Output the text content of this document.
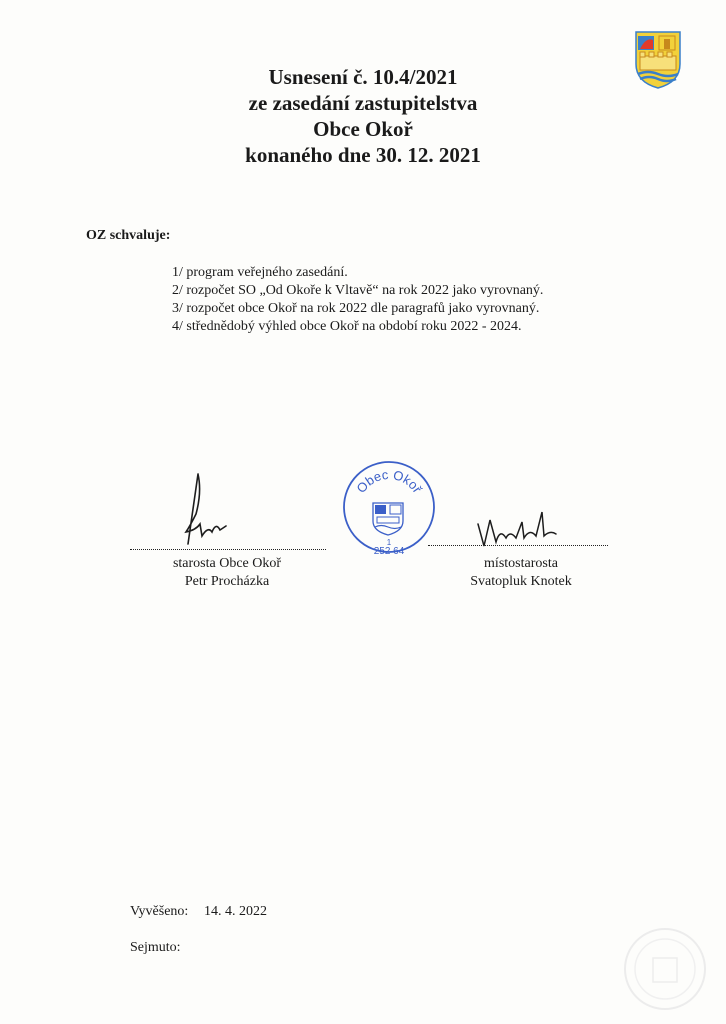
Usnesení č. 10.4/2021
ze zasedání zastupitelstva
Obce Okoř
konaného dne 30. 12. 2021
OZ schvaluje:
1/ program veřejného zasedání.
2/ rozpočet SO „Od Okoře k Vltavě“ na rok 2022 jako vyrovnaný.
3/ rozpočet obce Okoř na rok 2022 dle paragrafů jako vyrovnaný.
4/ střednědobý výhled obce Okoř na období roku 2022 - 2024.
starosta Obce Okoř
Petr Procházka
místostarosta
Svatopluk Knotek
Obec Okoř
1
252 64
Vyvěšeno: 14. 4. 2022
Sejmuto:
